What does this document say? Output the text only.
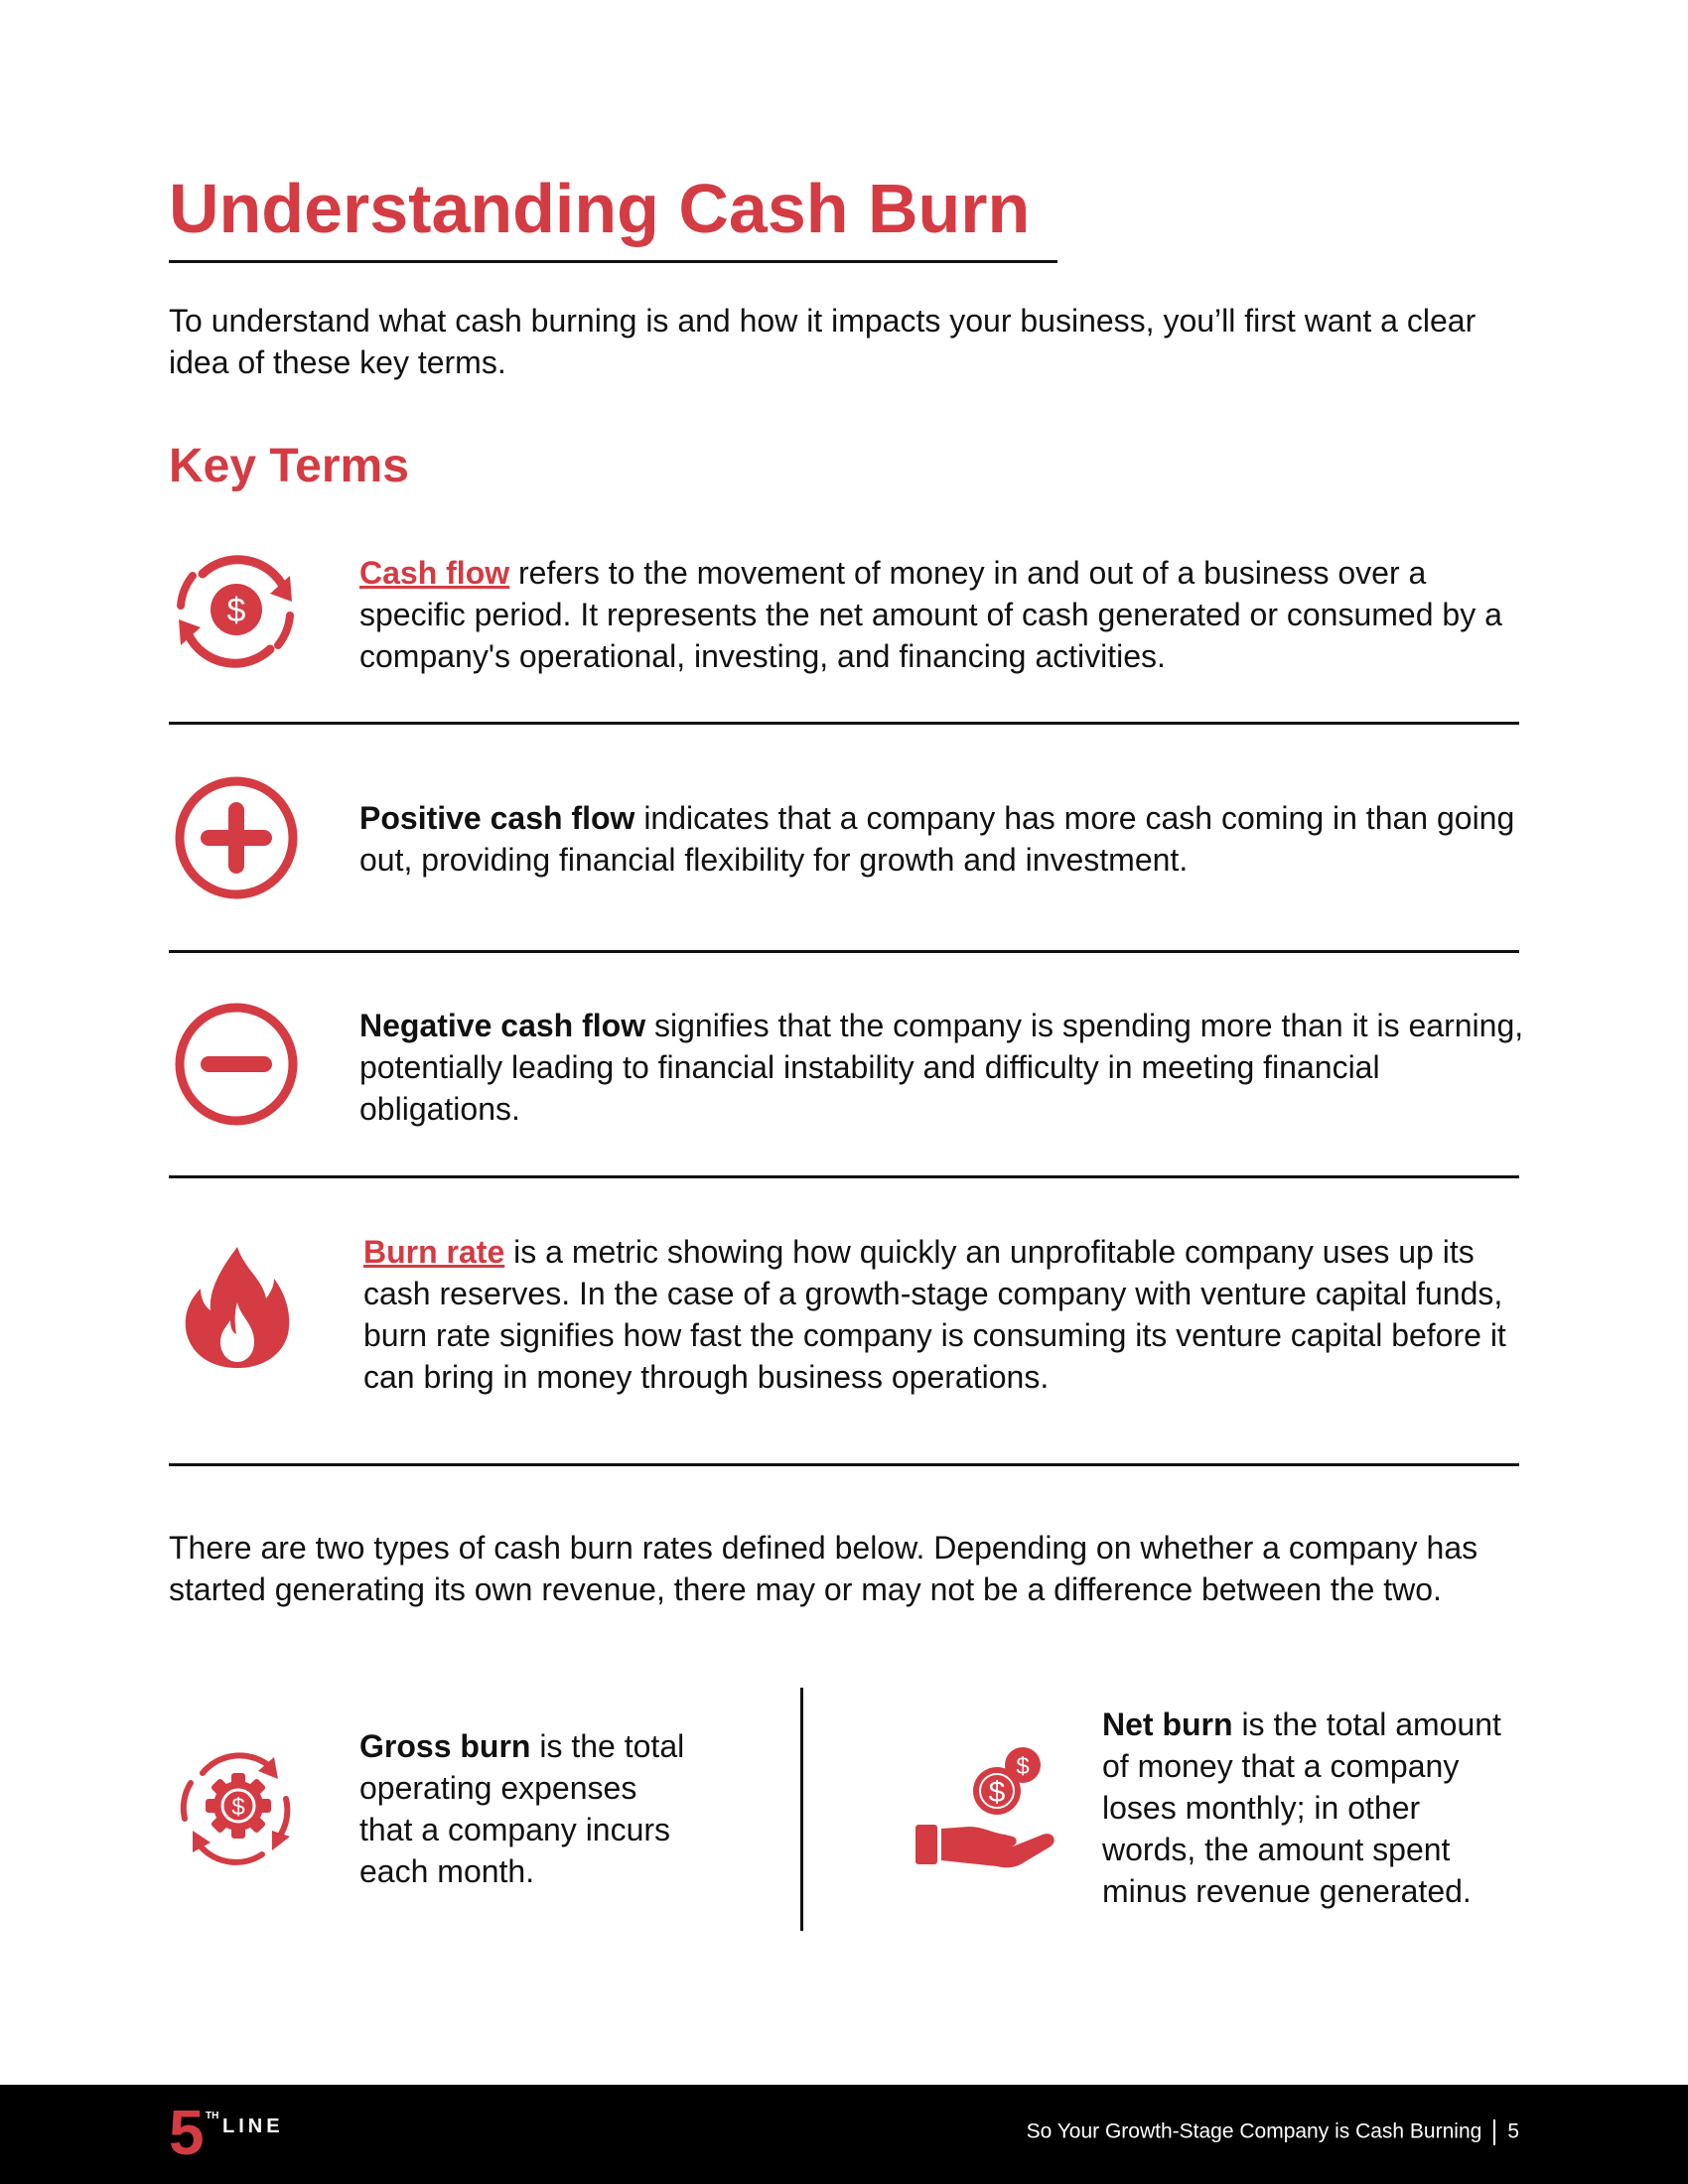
Understanding Cash Burn

To understand what cash burning is and how it impacts your business, you’ll first want a clear idea of these key terms.

Key Terms
$

Cash flow refers to the movement of money in and out of a business over a specific period. It represents the net amount of cash generated or consumed by a company's operational, investing, and financing activities.

Positive cash flow indicates that a company has more cash coming in than going out, providing financial flexibility for growth and investment.

Negative cash flow signifies that the company is spending more than it is earning, potentially leading to financial instability and difficulty in meeting financial obligations.

Burn rate is a metric showing how quickly an unprofitable company uses up its cash reserves. In the case of a growth-stage company with venture capital funds, burn rate signifies how fast the company is consuming its venture capital before it can bring in money through business operations.

There are two types of cash burn rates defined below. Depending on whether a company has started generating its own revenue, there may or may not be a difference between the two.

$
Gross burn is the total
operating expenses
that a company incurs
each month.
$
$
Net burn is the total amount
of money that a company
loses monthly; in other
words, the amount spent
minus revenue generated.
5 TH LINE	So Your Growth-Stage Company is Cash Burning 5
